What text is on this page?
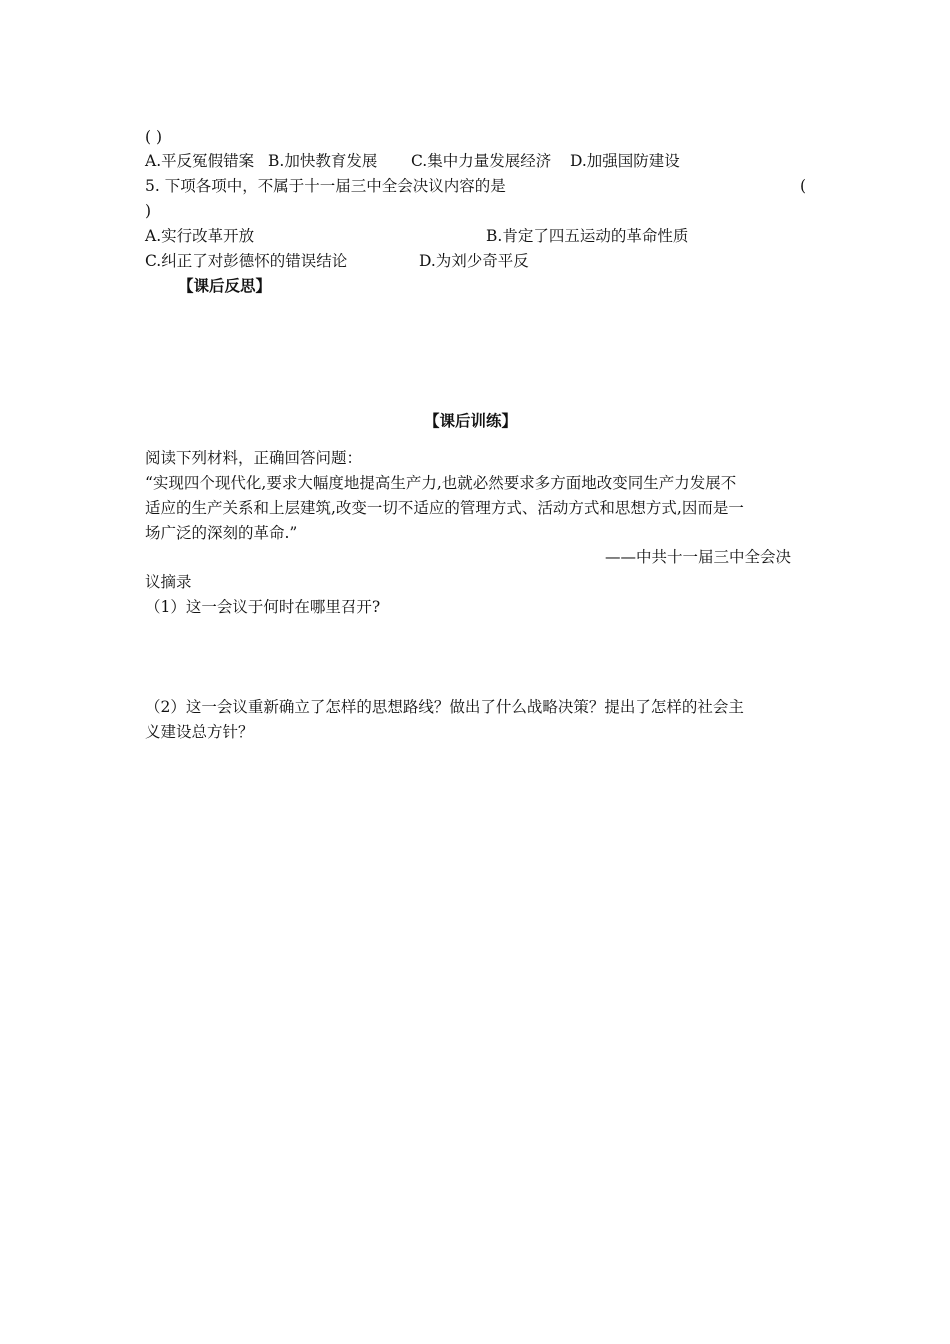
( )
A.平反冤假错案 B.加快教育发展 C.集中力量发展经济 D.加强国防建设
5. 下项各项中，不属于十一届三中全会决议内容的是	(
)
A.实行改革开放	B.肯定了四五运动的革命性质
C.纠正了对彭德怀的错误结论	D.为刘少奇平反
【课后反思】
【课后训练】
阅读下列材料，正确回答问题：
“实现四个现代化,要求大幅度地提高生产力,也就必然要求多方面地改变同生产力发展不
适应的生产关系和上层建筑,改变一切不适应的管理方式、活动方式和思想方式,因而是一
场广泛的深刻的革命.”
——中共十一届三中全会决
议摘录
（1）这一会议于何时在哪里召开?
（2）这一会议重新确立了怎样的思想路线？做出了什么战略决策？提出了怎样的社会主
义建设总方针？
